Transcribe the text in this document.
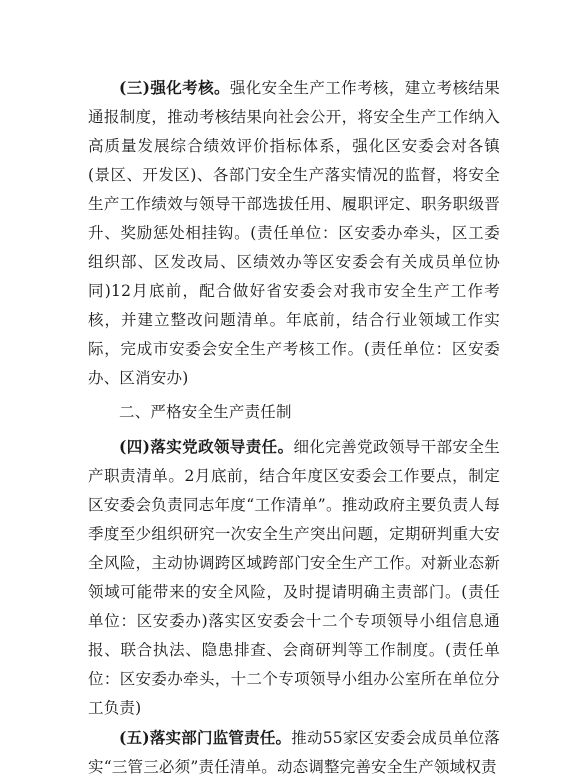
(三)强化考核。强化安全生产工作考核，建立考核结果通报制度，推动考核结果向社会公开，将安全生产工作纳入高质量发展综合绩效评价指标体系，强化区安委会对各镇(景区、开发区)、各部门安全生产落实情况的监督，将安全生产工作绩效与领导干部选拔任用、履职评定、职务职级晋升、奖励惩处相挂钩。(责任单位：区安委办牵头，区工委组织部、区发改局、区绩效办等区安委会有关成员单位协同)12月底前，配合做好省安委会对我市安全生产工作考核，并建立整改问题清单。年底前，结合行业领域工作实际，完成市安委会安全生产考核工作。(责任单位：区安委办、区消安办)

二、严格安全生产责任制

(四)落实党政领导责任。细化完善党政领导干部安全生产职责清单。2月底前，结合年度区安委会工作要点，制定区安委会负责同志年度“工作清单”。推动政府主要负责人每季度至少组织研究一次安全生产突出问题，定期研判重大安全风险，主动协调跨区域跨部门安全生产工作。对新业态新领域可能带来的安全风险，及时提请明确主责部门。(责任单位：区安委办)落实区安委会十二个专项领导小组信息通报、联合执法、隐患排查、会商研判等工作制度。(责任单位：区安委办牵头，十二个专项领导小组办公室所在单位分工负责)

(五)落实部门监管责任。推动55家区安委会成员单位落实“三管三必须”责任清单。动态调整完善安全生产领域权责
